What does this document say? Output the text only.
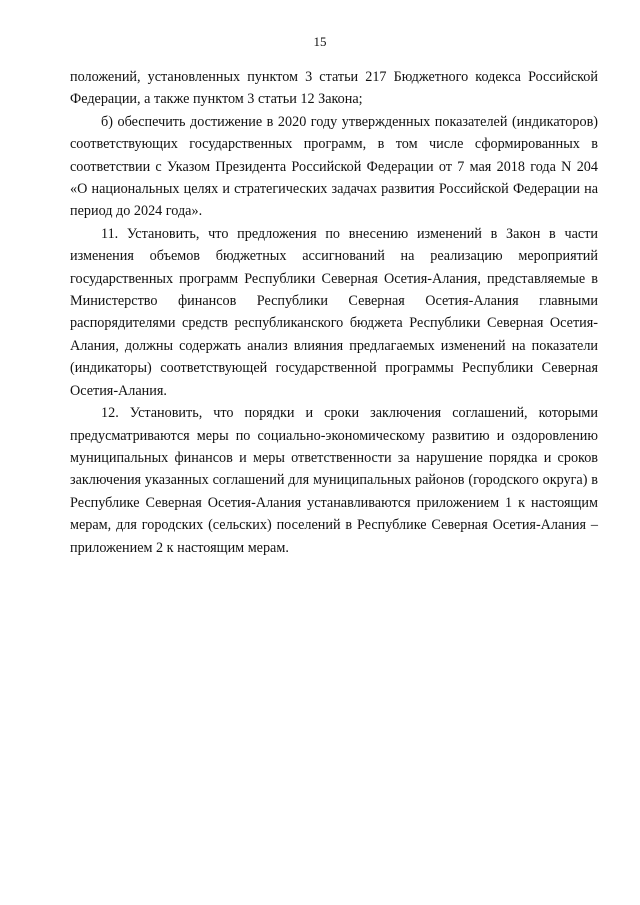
15

положений, установленных пунктом 3 статьи 217 Бюджетного кодекса Российской Федерации, а также пунктом 3 статьи 12 Закона;

б) обеспечить достижение в 2020 году утвержденных показателей (индикаторов) соответствующих государственных программ, в том числе сформированных в соответствии с Указом Президента Российской Федерации от 7 мая 2018 года N 204 «О национальных целях и стратегических задачах развития Российской Федерации на период до 2024 года».

11. Установить, что предложения по внесению изменений в Закон в части изменения объемов бюджетных ассигнований на реализацию мероприятий государственных программ Республики Северная Осетия-Алания, представляемые в Министерство финансов Республики Северная Осетия-Алания главными распорядителями средств республиканского бюджета Республики Северная Осетия-Алания, должны содержать анализ влияния предлагаемых изменений на показатели (индикаторы) соответствующей государственной программы Республики Северная Осетия-Алания.

12. Установить, что порядки и сроки заключения соглашений, которыми предусматриваются меры по социально-экономическому развитию и оздоровлению муниципальных финансов и меры ответственности за нарушение порядка и сроков заключения указанных соглашений для муниципальных районов (городского округа) в Республике Северная Осетия-Алания устанавливаются приложением 1 к настоящим мерам, для городских (сельских) поселений в Республике Северная Осетия-Алания – приложением 2 к настоящим мерам.
